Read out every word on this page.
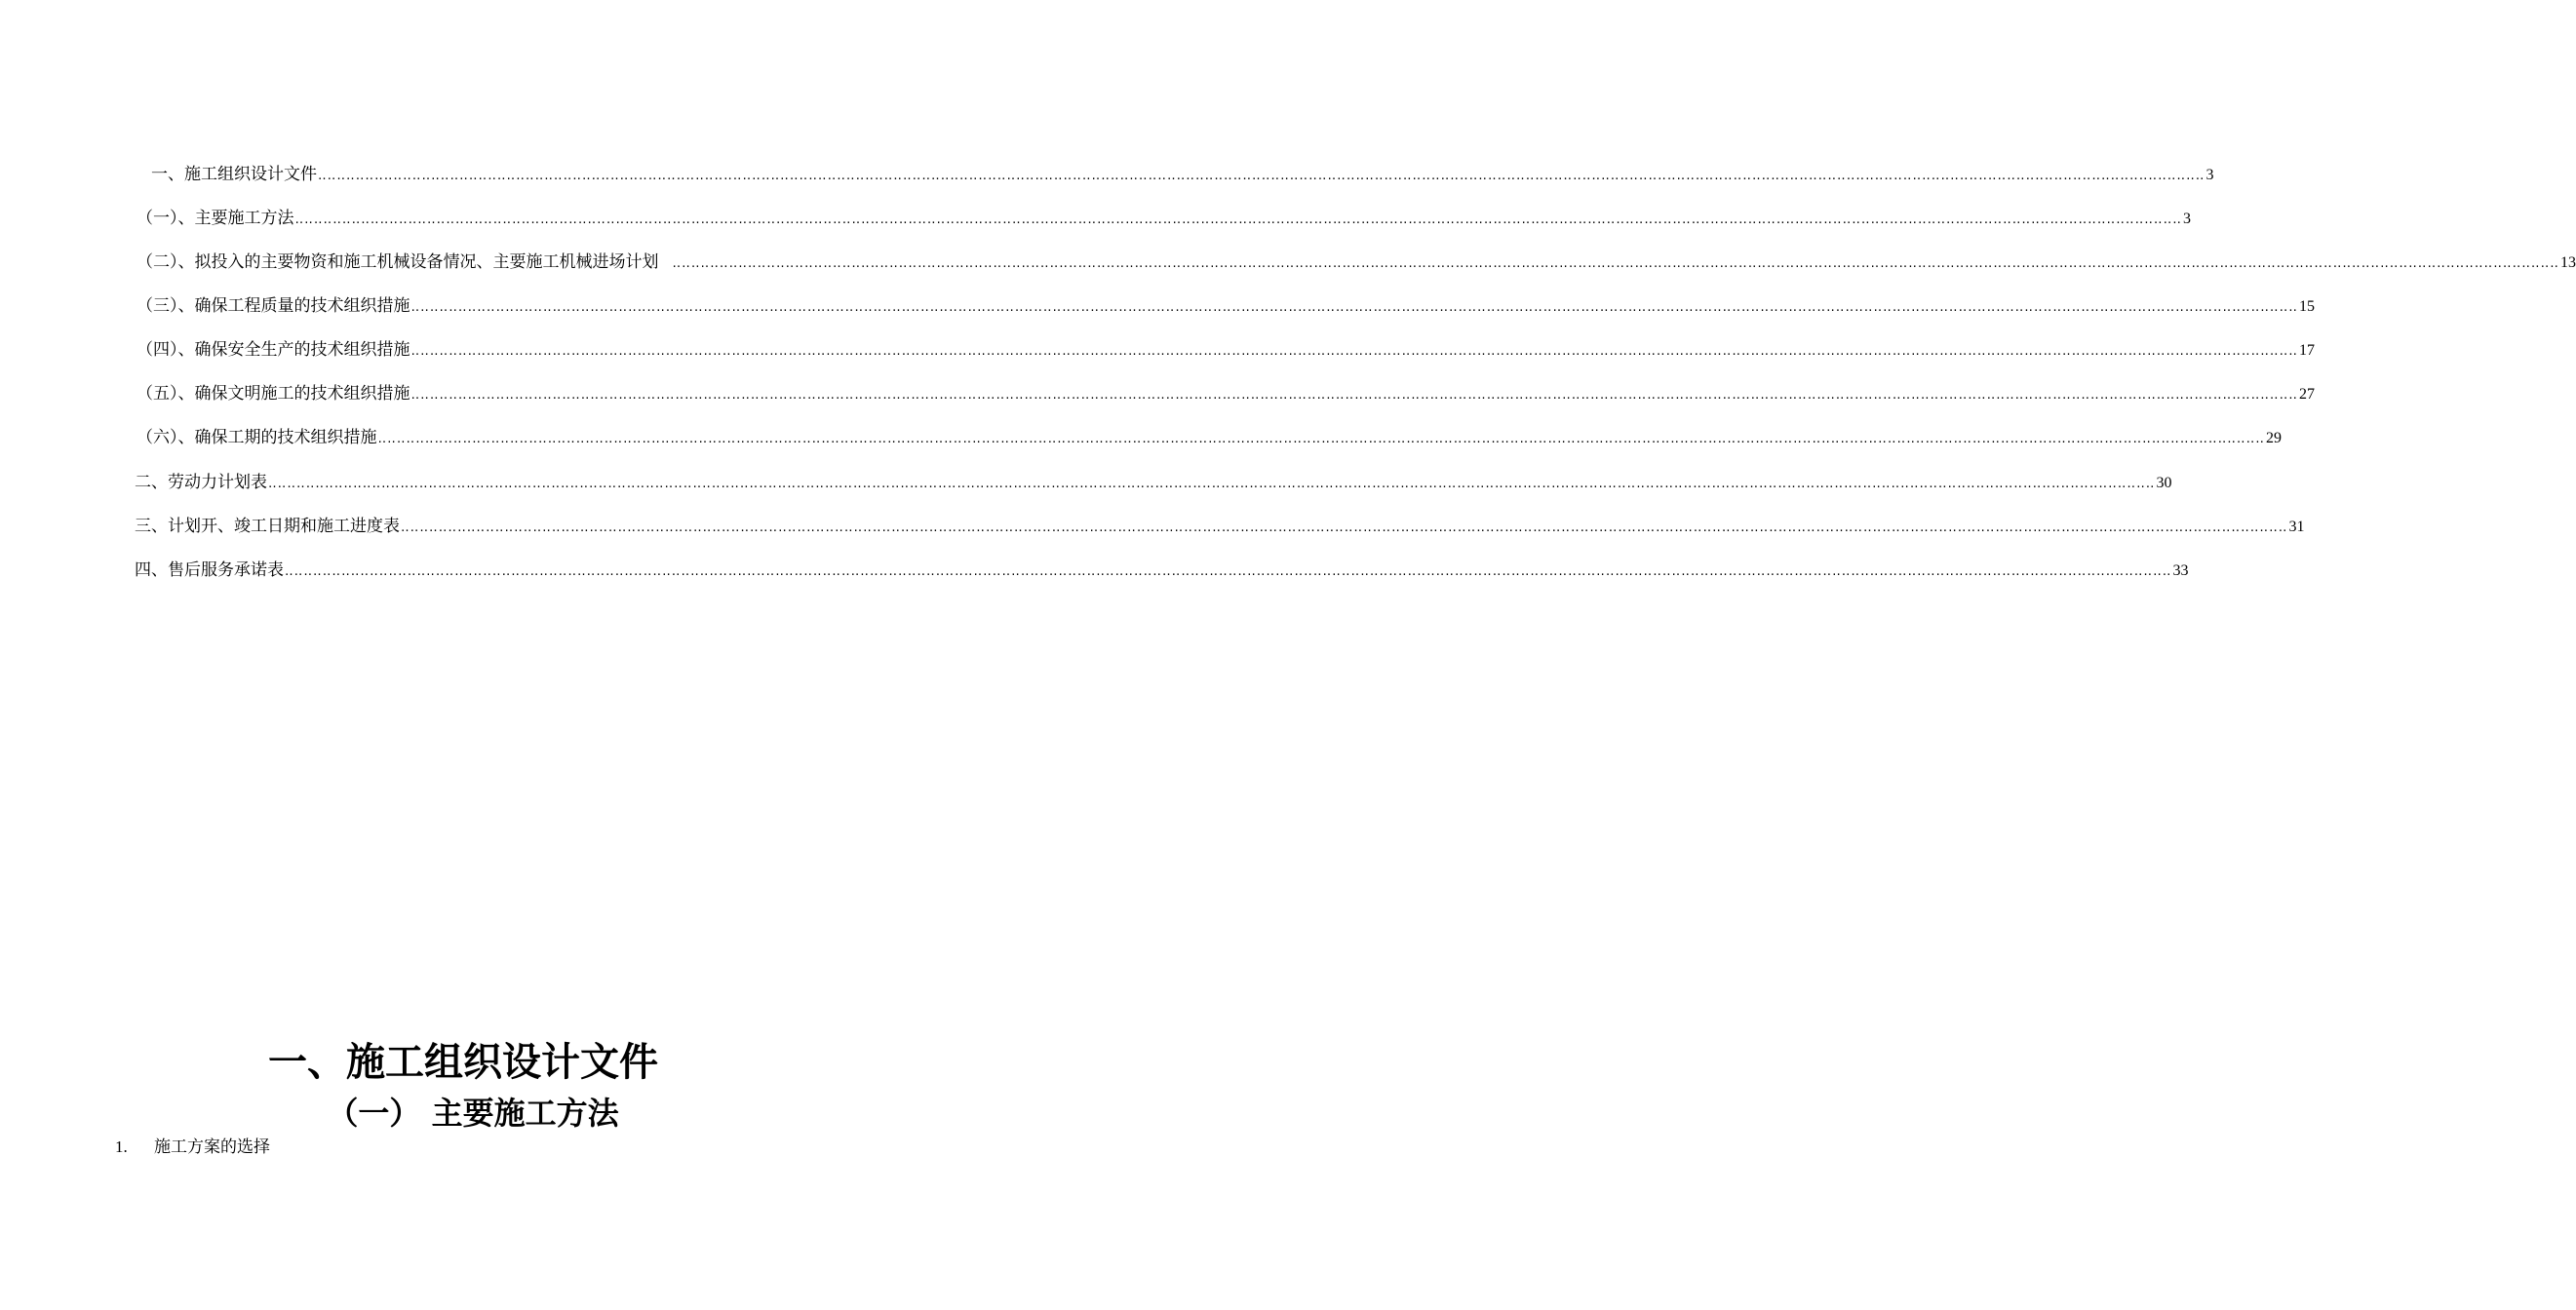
一、施工组织设计文件 ‥‥‥‥‥‥‥‥‥‥‥‥‥‥‥‥‥‥‥‥‥‥‥‥‥‥‥‥‥‥‥‥‥‥‥‥‥‥‥‥‥‥‥‥‥‥‥‥‥‥‥‥‥‥‥‥‥‥‥‥‥‥‥‥‥‥‥‥‥‥‥‥‥‥‥‥‥‥‥‥‥‥‥‥‥‥‥‥‥‥‥‥‥‥‥‥‥‥‥‥‥‥‥‥‥‥‥‥‥‥‥‥‥‥‥‥‥‥‥‥‥‥‥‥‥‥‥‥‥‥‥‥‥‥‥‥‥‥‥‥‥‥‥‥‥‥‥‥‥‥‥‥‥‥‥‥‥‥‥‥‥‥‥‥‥‥‥‥‥‥‥‥‥‥‥‥‥‥‥‥‥‥‥‥‥‥‥‥‥‥‥‥‥‥‥‥‥‥‥‥ 3
（一）、主要施工方法 ‥‥‥‥‥‥‥‥‥‥‥‥‥‥‥‥‥‥‥‥‥‥‥‥‥‥‥‥‥‥‥‥‥‥‥‥‥‥‥‥‥‥‥‥‥‥‥‥‥‥‥‥‥‥‥‥‥‥‥‥‥‥‥‥‥‥‥‥‥‥‥‥‥‥‥‥‥‥‥‥‥‥‥‥‥‥‥‥‥‥‥‥‥‥‥‥‥‥‥‥‥‥‥‥‥‥‥‥‥‥‥‥‥‥‥‥‥‥‥‥‥‥‥‥‥‥‥‥‥‥‥‥‥‥‥‥‥‥‥‥‥‥‥‥‥‥‥‥‥‥‥‥‥‥‥‥‥‥‥‥‥‥‥‥‥‥‥‥‥‥‥‥‥‥‥‥‥‥‥‥‥‥‥‥‥‥‥‥‥‥‥‥‥‥‥‥‥‥‥‥ 3
（二）、拟投入的主要物资和施工机械设备情况、主要施工机械进场计划 ‥‥‥‥‥‥‥‥‥‥‥‥‥‥‥‥‥‥‥‥‥‥‥‥‥‥‥‥‥‥‥‥‥‥‥‥‥‥‥‥‥‥‥‥‥‥‥‥‥‥‥‥‥‥‥‥‥‥‥‥‥‥‥‥‥‥‥‥‥‥‥‥‥‥‥‥‥‥‥‥‥‥‥‥‥‥‥‥‥‥‥‥‥‥‥‥‥‥‥‥‥‥‥‥‥‥‥‥‥‥‥‥‥‥‥‥‥‥‥‥‥‥‥‥‥‥‥‥‥‥‥‥‥‥‥‥‥‥‥‥‥‥‥‥‥‥‥‥‥‥‥‥‥‥‥‥‥‥‥‥‥‥‥‥‥‥‥‥‥‥‥‥‥‥‥‥‥‥‥‥‥‥‥‥‥‥‥‥‥‥‥‥‥‥‥‥‥‥‥‥ 13
（三）、确保工程质量的技术组织措施 ‥‥‥‥‥‥‥‥‥‥‥‥‥‥‥‥‥‥‥‥‥‥‥‥‥‥‥‥‥‥‥‥‥‥‥‥‥‥‥‥‥‥‥‥‥‥‥‥‥‥‥‥‥‥‥‥‥‥‥‥‥‥‥‥‥‥‥‥‥‥‥‥‥‥‥‥‥‥‥‥‥‥‥‥‥‥‥‥‥‥‥‥‥‥‥‥‥‥‥‥‥‥‥‥‥‥‥‥‥‥‥‥‥‥‥‥‥‥‥‥‥‥‥‥‥‥‥‥‥‥‥‥‥‥‥‥‥‥‥‥‥‥‥‥‥‥‥‥‥‥‥‥‥‥‥‥‥‥‥‥‥‥‥‥‥‥‥‥‥‥‥‥‥‥‥‥‥‥‥‥‥‥‥‥‥‥‥‥‥‥‥‥‥‥‥‥‥‥‥‥ 15
（四）、确保安全生产的技术组织措施 ‥‥‥‥‥‥‥‥‥‥‥‥‥‥‥‥‥‥‥‥‥‥‥‥‥‥‥‥‥‥‥‥‥‥‥‥‥‥‥‥‥‥‥‥‥‥‥‥‥‥‥‥‥‥‥‥‥‥‥‥‥‥‥‥‥‥‥‥‥‥‥‥‥‥‥‥‥‥‥‥‥‥‥‥‥‥‥‥‥‥‥‥‥‥‥‥‥‥‥‥‥‥‥‥‥‥‥‥‥‥‥‥‥‥‥‥‥‥‥‥‥‥‥‥‥‥‥‥‥‥‥‥‥‥‥‥‥‥‥‥‥‥‥‥‥‥‥‥‥‥‥‥‥‥‥‥‥‥‥‥‥‥‥‥‥‥‥‥‥‥‥‥‥‥‥‥‥‥‥‥‥‥‥‥‥‥‥‥‥‥‥‥‥‥‥‥‥‥‥‥ 17
（五）、确保文明施工的技术组织措施 ‥‥‥‥‥‥‥‥‥‥‥‥‥‥‥‥‥‥‥‥‥‥‥‥‥‥‥‥‥‥‥‥‥‥‥‥‥‥‥‥‥‥‥‥‥‥‥‥‥‥‥‥‥‥‥‥‥‥‥‥‥‥‥‥‥‥‥‥‥‥‥‥‥‥‥‥‥‥‥‥‥‥‥‥‥‥‥‥‥‥‥‥‥‥‥‥‥‥‥‥‥‥‥‥‥‥‥‥‥‥‥‥‥‥‥‥‥‥‥‥‥‥‥‥‥‥‥‥‥‥‥‥‥‥‥‥‥‥‥‥‥‥‥‥‥‥‥‥‥‥‥‥‥‥‥‥‥‥‥‥‥‥‥‥‥‥‥‥‥‥‥‥‥‥‥‥‥‥‥‥‥‥‥‥‥‥‥‥‥‥‥‥‥‥‥‥‥‥‥‥ 27
（六）、确保工期的技术组织措施 ‥‥‥‥‥‥‥‥‥‥‥‥‥‥‥‥‥‥‥‥‥‥‥‥‥‥‥‥‥‥‥‥‥‥‥‥‥‥‥‥‥‥‥‥‥‥‥‥‥‥‥‥‥‥‥‥‥‥‥‥‥‥‥‥‥‥‥‥‥‥‥‥‥‥‥‥‥‥‥‥‥‥‥‥‥‥‥‥‥‥‥‥‥‥‥‥‥‥‥‥‥‥‥‥‥‥‥‥‥‥‥‥‥‥‥‥‥‥‥‥‥‥‥‥‥‥‥‥‥‥‥‥‥‥‥‥‥‥‥‥‥‥‥‥‥‥‥‥‥‥‥‥‥‥‥‥‥‥‥‥‥‥‥‥‥‥‥‥‥‥‥‥‥‥‥‥‥‥‥‥‥‥‥‥‥‥‥‥‥‥‥‥‥‥‥‥‥‥‥‥ 29
二、劳动力计划表 ‥‥‥‥‥‥‥‥‥‥‥‥‥‥‥‥‥‥‥‥‥‥‥‥‥‥‥‥‥‥‥‥‥‥‥‥‥‥‥‥‥‥‥‥‥‥‥‥‥‥‥‥‥‥‥‥‥‥‥‥‥‥‥‥‥‥‥‥‥‥‥‥‥‥‥‥‥‥‥‥‥‥‥‥‥‥‥‥‥‥‥‥‥‥‥‥‥‥‥‥‥‥‥‥‥‥‥‥‥‥‥‥‥‥‥‥‥‥‥‥‥‥‥‥‥‥‥‥‥‥‥‥‥‥‥‥‥‥‥‥‥‥‥‥‥‥‥‥‥‥‥‥‥‥‥‥‥‥‥‥‥‥‥‥‥‥‥‥‥‥‥‥‥‥‥‥‥‥‥‥‥‥‥‥‥‥‥‥‥‥‥‥‥‥‥‥‥‥‥‥ 30
三、计划开、竣工日期和施工进度表 ‥‥‥‥‥‥‥‥‥‥‥‥‥‥‥‥‥‥‥‥‥‥‥‥‥‥‥‥‥‥‥‥‥‥‥‥‥‥‥‥‥‥‥‥‥‥‥‥‥‥‥‥‥‥‥‥‥‥‥‥‥‥‥‥‥‥‥‥‥‥‥‥‥‥‥‥‥‥‥‥‥‥‥‥‥‥‥‥‥‥‥‥‥‥‥‥‥‥‥‥‥‥‥‥‥‥‥‥‥‥‥‥‥‥‥‥‥‥‥‥‥‥‥‥‥‥‥‥‥‥‥‥‥‥‥‥‥‥‥‥‥‥‥‥‥‥‥‥‥‥‥‥‥‥‥‥‥‥‥‥‥‥‥‥‥‥‥‥‥‥‥‥‥‥‥‥‥‥‥‥‥‥‥‥‥‥‥‥‥‥‥‥‥‥‥‥‥‥‥‥ 31
四、售后服务承诺表 ‥‥‥‥‥‥‥‥‥‥‥‥‥‥‥‥‥‥‥‥‥‥‥‥‥‥‥‥‥‥‥‥‥‥‥‥‥‥‥‥‥‥‥‥‥‥‥‥‥‥‥‥‥‥‥‥‥‥‥‥‥‥‥‥‥‥‥‥‥‥‥‥‥‥‥‥‥‥‥‥‥‥‥‥‥‥‥‥‥‥‥‥‥‥‥‥‥‥‥‥‥‥‥‥‥‥‥‥‥‥‥‥‥‥‥‥‥‥‥‥‥‥‥‥‥‥‥‥‥‥‥‥‥‥‥‥‥‥‥‥‥‥‥‥‥‥‥‥‥‥‥‥‥‥‥‥‥‥‥‥‥‥‥‥‥‥‥‥‥‥‥‥‥‥‥‥‥‥‥‥‥‥‥‥‥‥‥‥‥‥‥‥‥‥‥‥‥‥‥‥ 33
一、施工组织设计文件
（一） 主要施工方法
1. 施工方案的选择
